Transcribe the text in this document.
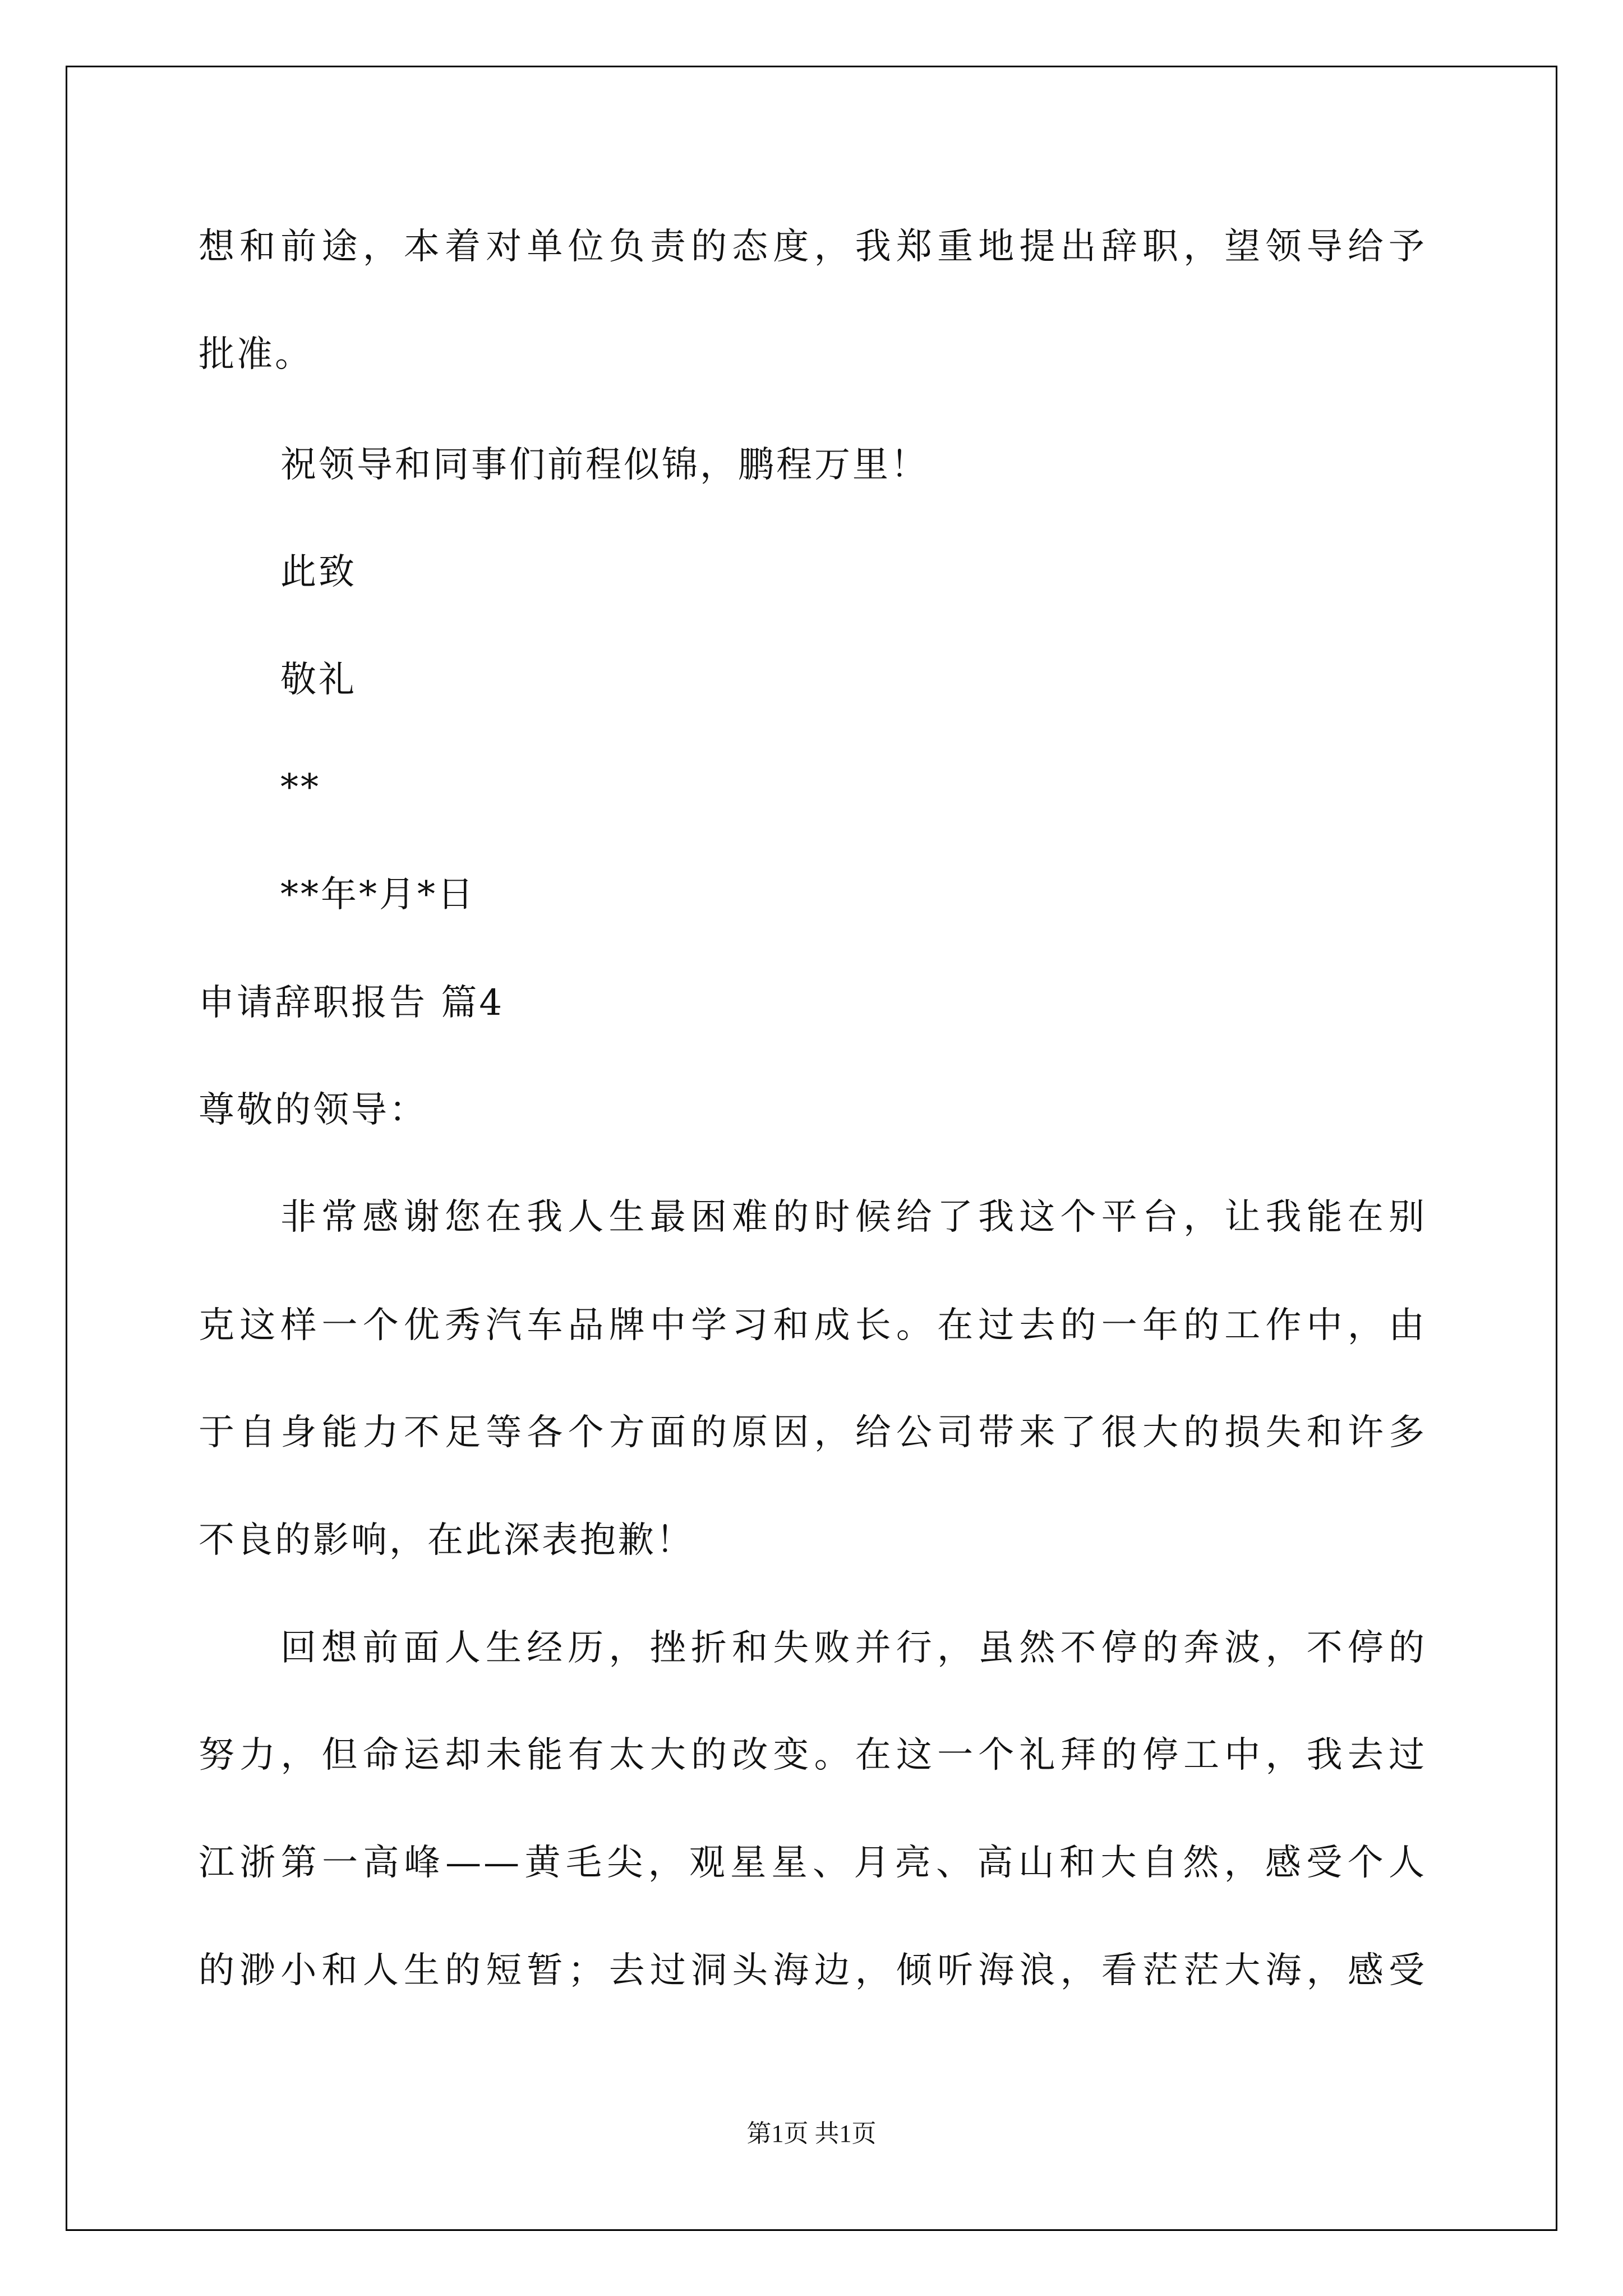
想和前途，本着对单位负责的态度，我郑重地提出辞职，望领导给予
批准。
祝领导和同事们前程似锦，鹏程万里！
此致
敬礼
**
**年*月*日
申请辞职报告 篇4
尊敬的领导：
非常感谢您在我人生最困难的时候给了我这个平台，让我能在别
克这样一个优秀汽车品牌中学习和成长。在过去的一年的工作中，由
于自身能力不足等各个方面的原因，给公司带来了很大的损失和许多
不良的影响，在此深表抱歉！
回想前面人生经历，挫折和失败并行，虽然不停的奔波，不停的
努力，但命运却未能有太大的改变。在这一个礼拜的停工中，我去过
江浙第一高峰——黄毛尖，观星星、月亮、高山和大自然，感受个人
的渺小和人生的短暂；去过洞头海边，倾听海浪，看茫茫大海，感受
第1页 共1页
